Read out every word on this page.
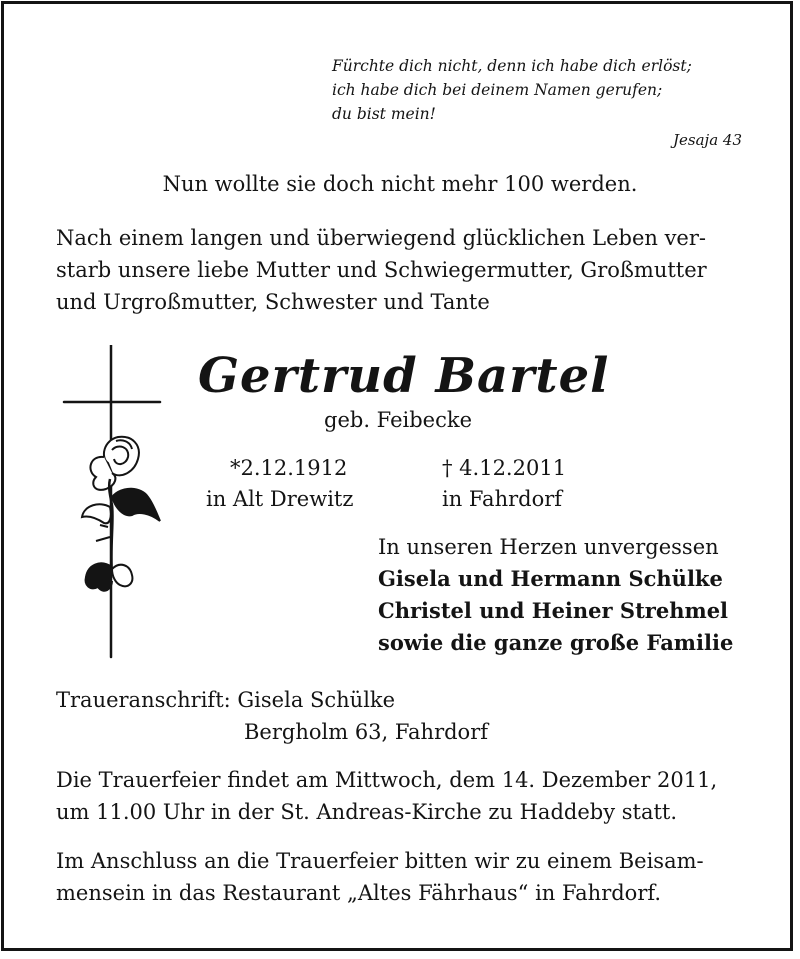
Fürchte dich nicht, denn ich habe dich erlöst;
ich habe dich bei deinem Namen gerufen;
du bist mein!
Jesaja 43
Nun wollte sie doch nicht mehr 100 werden.
Nach einem langen und überwiegend glücklichen Leben ver-
starb unsere liebe Mutter und Schwiegermutter, Großmutter
und Urgroßmutter, Schwester und Tante
Gertrud Bartel
geb. Feibecke
*2.12.1912
in Alt Drewitz
† 4.12.2011
in Fahrdorf
In unseren Herzen unvergessen
Gisela und Hermann Schülke
Christel und Heiner Strehmel
sowie die ganze große Familie
Traueranschrift: Gisela Schülke
Bergholm 63, Fahrdorf
Die Trauerfeier findet am Mittwoch, dem 14. Dezember 2011,
um 11.00 Uhr in der St. Andreas-Kirche zu Haddeby statt.
Im Anschluss an die Trauerfeier bitten wir zu einem Beisam-
mensein in das Restaurant „Altes Fährhaus“ in Fahrdorf.
